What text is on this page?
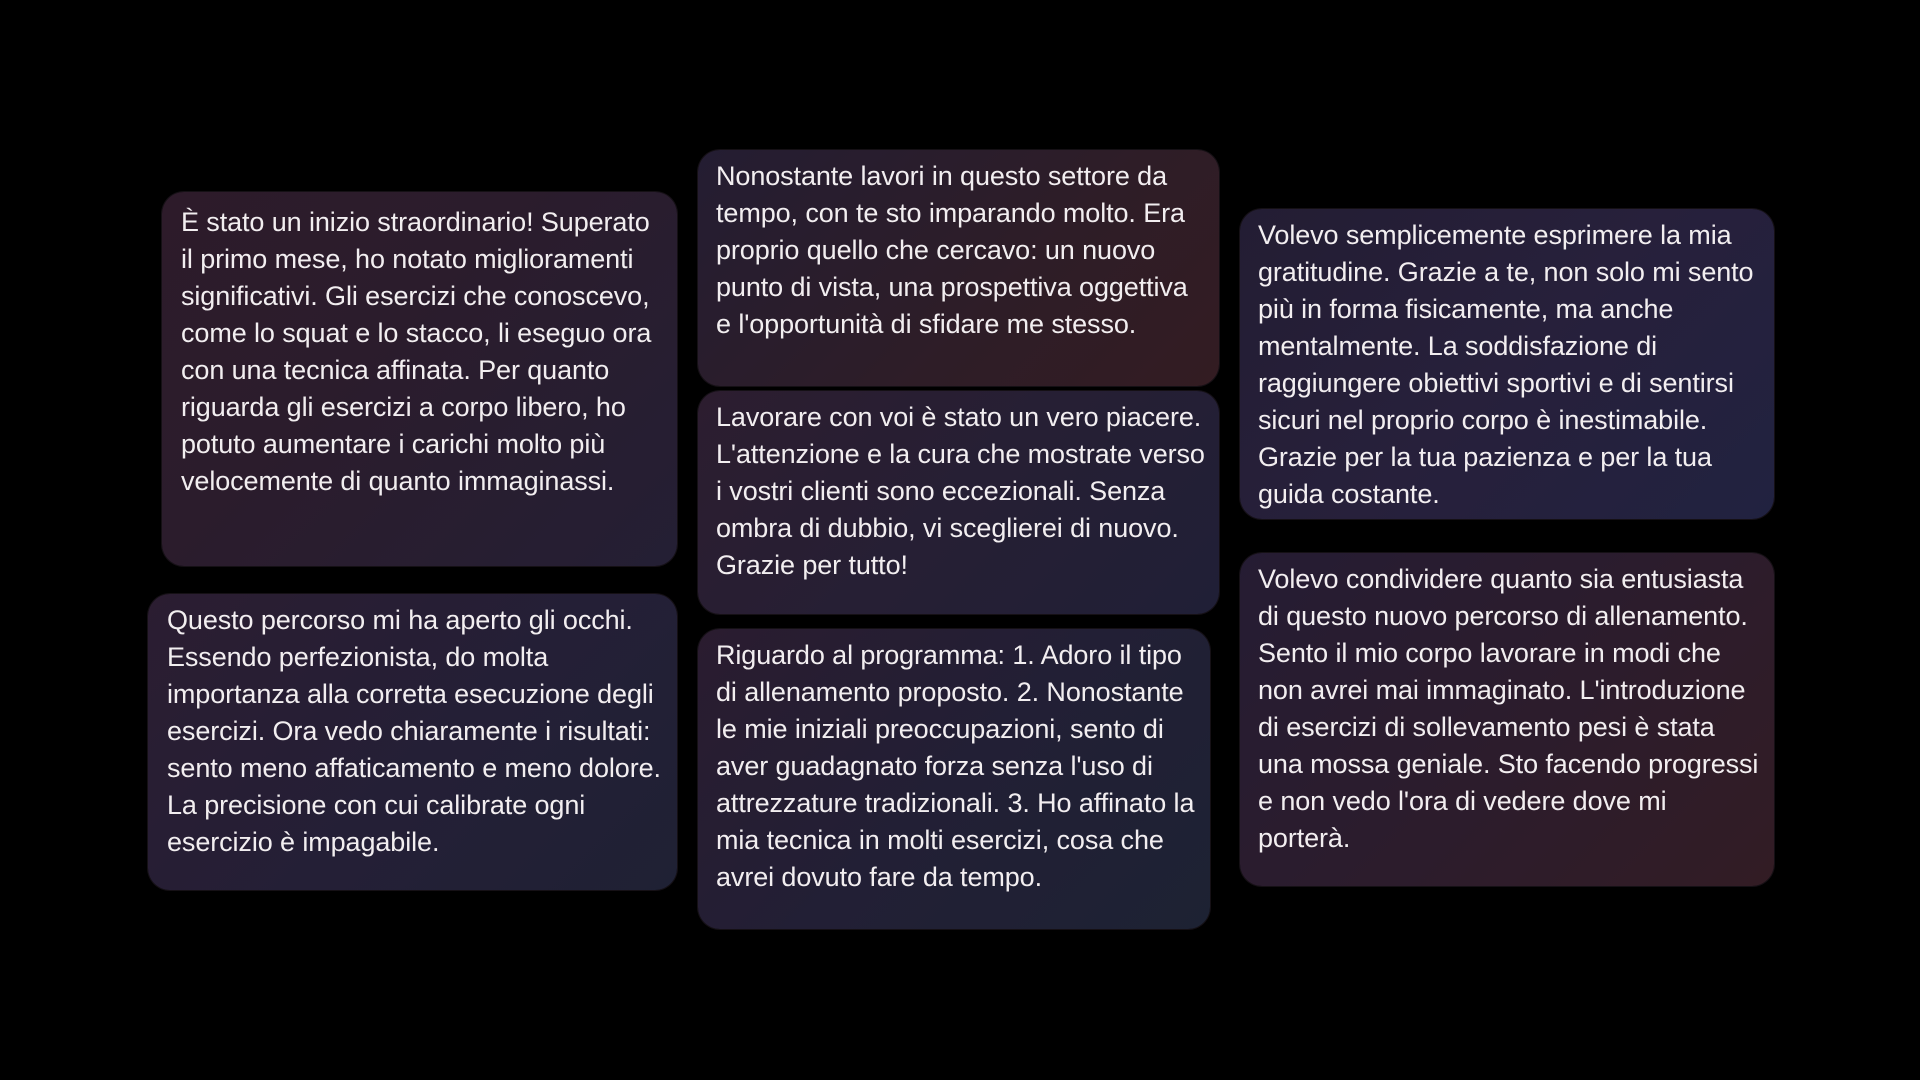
È stato un inizio straordinario! Superato il primo mese, ho notato miglioramenti significativi. Gli esercizi che conoscevo, come lo squat e lo stacco, li eseguo ora con una tecnica affinata. Per quanto riguarda gli esercizi a corpo libero, ho potuto aumentare i carichi molto più velocemente di quanto immaginassi.

Questo percorso mi ha aperto gli occhi. Essendo perfezionista, do molta importanza alla corretta esecuzione degli esercizi. Ora vedo chiaramente i risultati: sento meno affaticamento e meno dolore. La precisione con cui calibrate ogni esercizio è impagabile.

Nonostante lavori in questo settore da tempo, con te sto imparando molto. Era proprio quello che cercavo: un nuovo punto di vista, una prospettiva oggettiva e l'opportunità di sfidare me stesso.

Lavorare con voi è stato un vero piacere. L'attenzione e la cura che mostrate verso i vostri clienti sono eccezionali. Senza ombra di dubbio, vi sceglierei di nuovo. Grazie per tutto!

Riguardo al programma: 1. Adoro il tipo di allenamento proposto. 2. Nonostante le mie iniziali preoccupazioni, sento di aver guadagnato forza senza l'uso di attrezzature tradizionali. 3. Ho affinato la mia tecnica in molti esercizi, cosa che avrei dovuto fare da tempo.

Volevo semplicemente esprimere la mia gratitudine. Grazie a te, non solo mi sento più in forma fisicamente, ma anche mentalmente. La soddisfazione di raggiungere obiettivi sportivi e di sentirsi sicuri nel proprio corpo è inestimabile. Grazie per la tua pazienza e per la tua guida costante.

Volevo condividere quanto sia entusiasta di questo nuovo percorso di allenamento. Sento il mio corpo lavorare in modi che non avrei mai immaginato. L'introduzione di esercizi di sollevamento pesi è stata una mossa geniale. Sto facendo progressi e non vedo l'ora di vedere dove mi porterà.
